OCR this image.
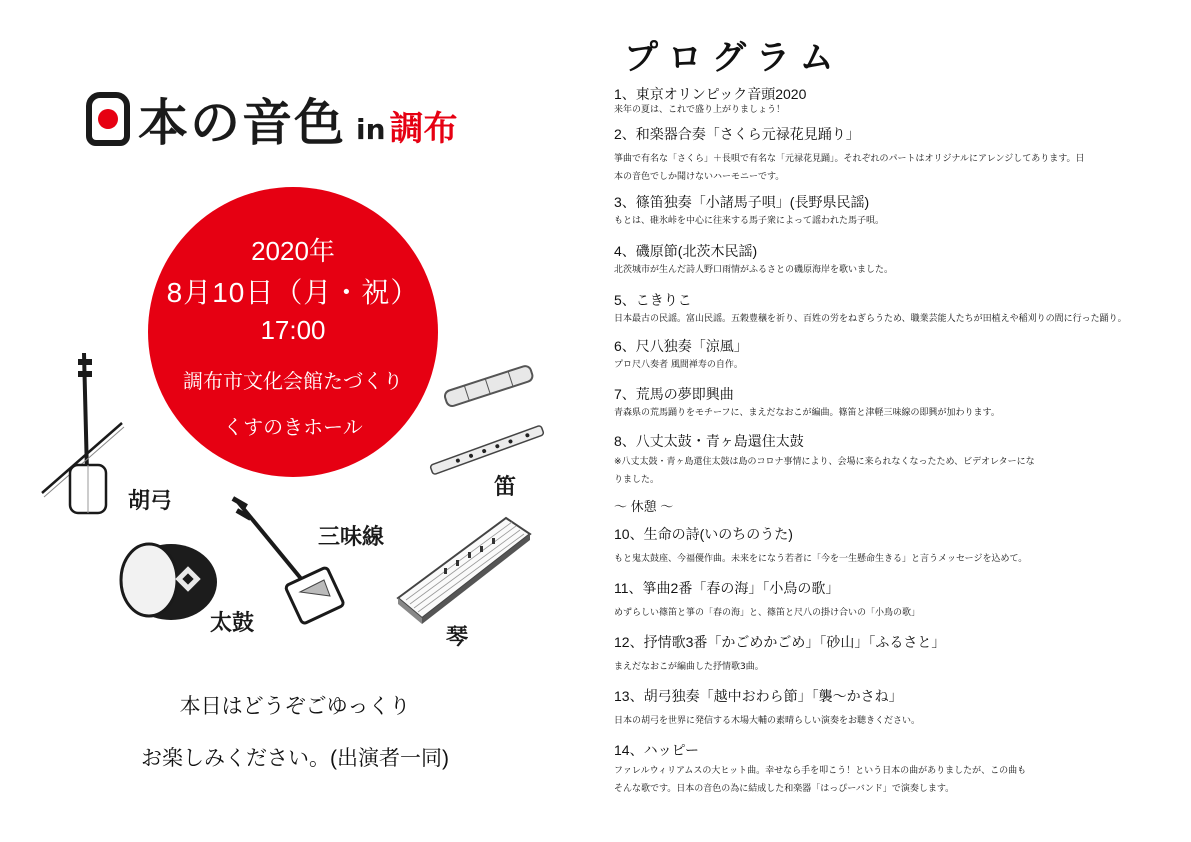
本の音色 in 調布
2020年
8月10日（月・祝）
17:00
調布市文化会館たづくり
くすのきホール
胡弓
笛
三味線
太鼓
琴
本日はどうぞごゆっくり
お楽しみください。(出演者一同)
プログラム
1、東京オリンピック音頭2020
来年の夏は、これで盛り上がりましょう！
2、和楽器合奏「さくら元禄花見踊り」
箏曲で有名な「さくら」＋長唄で有名な「元禄花見踊」。それぞれのパートはオリジナルにアレンジしてあります。日
本の音色でしか聞けないハーモニーです。
3、篠笛独奏「小諸馬子唄」(長野県民謡)
もとは、碓氷峠を中心に往来する馬子衆によって謡われた馬子唄。
4、磯原節(北茨木民謡)
北茨城市が生んだ詩人野口雨情がふるさとの磯原海岸を歌いました。
5、こきりこ
日本最古の民謡。富山民謡。五穀豊穣を祈り、百姓の労をねぎらうため、職業芸能人たちが田植えや稲刈りの間に行った踊り。
6、尺八独奏「涼風」
プロ尺八奏者 風間禅寿の自作。
7、荒馬の夢即興曲
青森県の荒馬踊りをモチーフに、まえだなおこが編曲。篠笛と津軽三味線の即興が加わります。
8、八丈太鼓・青ヶ島還住太鼓
※八丈太鼓・青ヶ島還住太鼓は島のコロナ事情により、会場に来られなくなったため、ビデオレターにな
りました。
〜 休憩 〜
10、生命の詩(いのちのうた)
もと鬼太鼓座、今福優作曲。未来をになう若者に「今を一生懸命生きる」と言うメッセージを込めて。
11、箏曲2番「春の海」「小鳥の歌」
めずらしい篠笛と箏の「春の海」と、篠笛と尺八の掛け合いの「小鳥の歌」
12、抒情歌3番「かごめかごめ」「砂山」「ふるさと」
まえだなおこが編曲した抒情歌3曲。
13、胡弓独奏「越中おわら節」「襲〜かさね」
日本の胡弓を世界に発信する木場大輔の素晴らしい演奏をお聴きください。
14、ハッピー
ファレルウィリアムスの大ヒット曲。幸せなら手を叩こう！という日本の曲がありましたが、この曲も
そんな歌です。日本の音色の為に結成した和楽器「はっぴーバンド」で演奏します。
